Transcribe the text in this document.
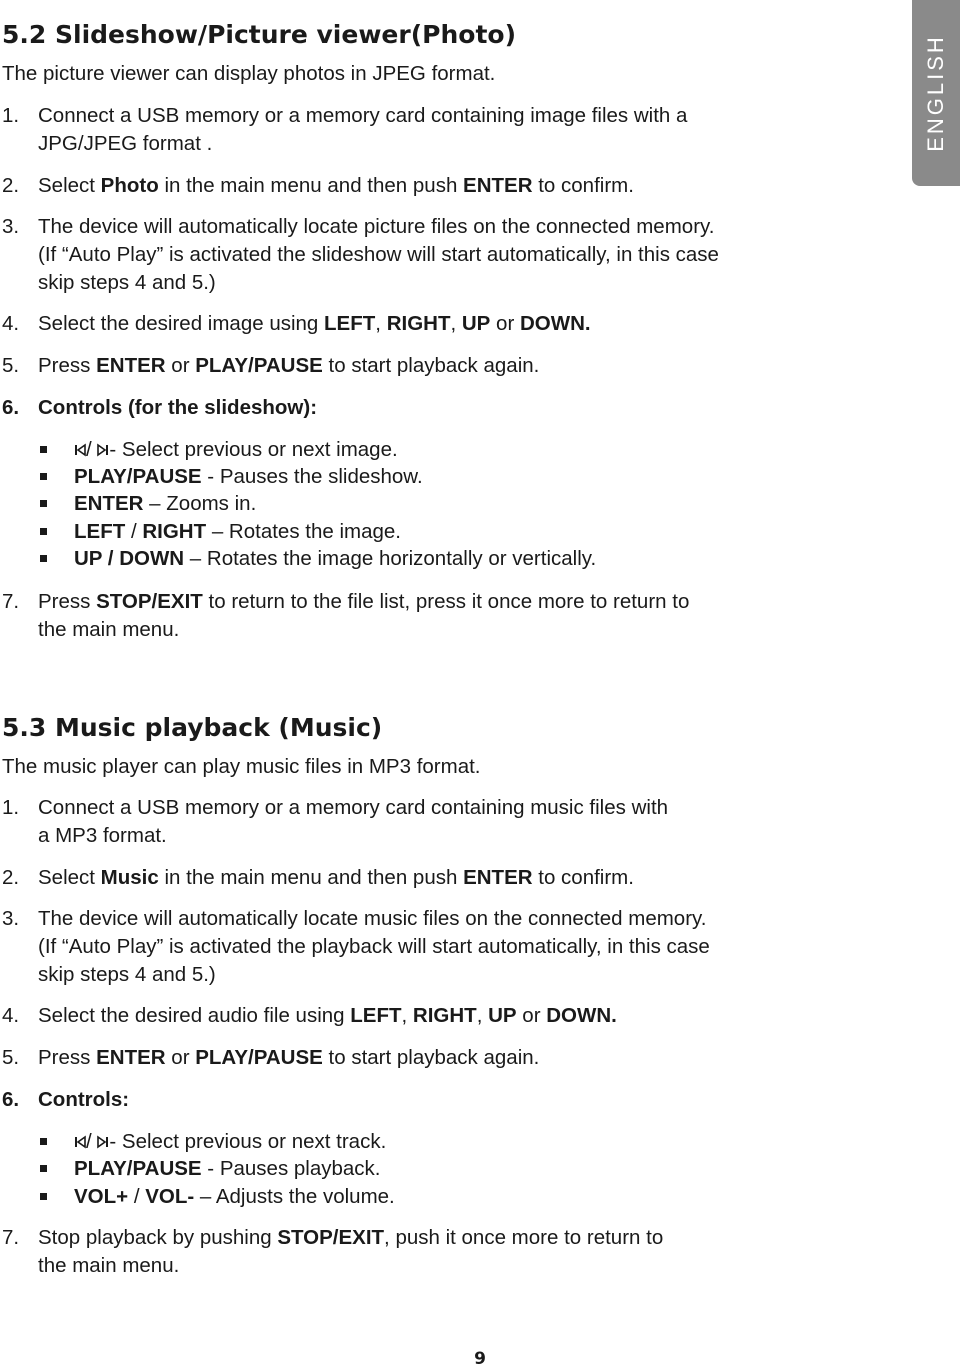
ENGLISH
5.2 Slideshow/Picture viewer(Photo)
The picture viewer can display photos in JPEG format.
1. Connect a USB memory or a memory card containing image files with a
JPG/JPEG format .
2. Select Photo in the main menu and then push ENTER to confirm.
3. The device will automatically locate picture files on the connected memory.
(If “Auto Play” is activated the slideshow will start automatically, in this case
skip steps 4 and 5.)
4. Select the desired image using LEFT, RIGHT, UP or DOWN.
5. Press ENTER or PLAY/PAUSE to start playback again.
6. Controls (for the slideshow):
/ - Select previous or next image.
PLAY/PAUSE - Pauses the slideshow.
ENTER – Zooms in.
LEFT / RIGHT – Rotates the image.
UP / DOWN – Rotates the image horizontally or vertically.
7. Press STOP/EXIT to return to the file list, press it once more to return to
the main menu.
5.3 Music playback (Music)
The music player can play music files in MP3 format.
1. Connect a USB memory or a memory card containing music files with
a MP3 format.
2. Select Music in the main menu and then push ENTER to confirm.
3. The device will automatically locate music files on the connected memory.
(If “Auto Play” is activated the playback will start automatically, in this case
skip steps 4 and 5.)
4. Select the desired audio file using LEFT, RIGHT, UP or DOWN.
5. Press ENTER or PLAY/PAUSE to start playback again.
6. Controls:
/ - Select previous or next track.
PLAY/PAUSE - Pauses playback.
VOL+ / VOL- – Adjusts the volume.
7. Stop playback by pushing STOP/EXIT, push it once more to return to
the main menu.
9
